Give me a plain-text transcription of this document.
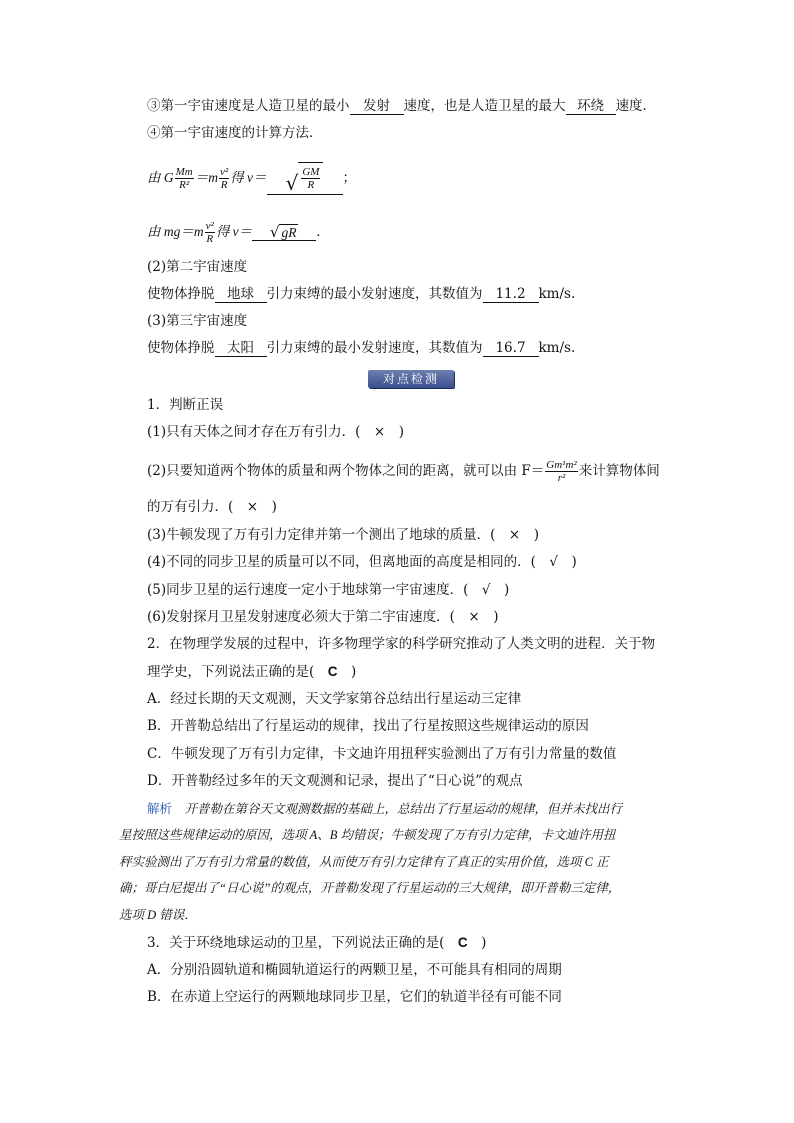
③第一宇宙速度是人造卫星的最小 发射 速度，也是人造卫星的最大 环绕 速度．
④第一宇宙速度的计算方法．
由 G $\frac{Mm}{\text{R²}} =m \frac{\text{v²}}{R}$ 得 v＝ √ $\frac{GM}{R}$ ；
由 $mg=m \frac{\text{v²}}{R}$ 得 v＝ √ gR ．
(2)第二宇宙速度
使物体挣脱 地球 引力束缚的最小发射速度，其数值为 11.2 km/s.
(3)第三宇宙速度
使物体挣脱 太阳 引力束缚的最小发射速度，其数值为 16.7 km/s.
对点检测
1．判断正误
(1)只有天体之间才存在万有引力．(　×　)
(2)只要知道两个物体的质量和两个物体之间的距离，就可以由 $F= \frac{\text{Gm¹m²}}{\text{r²}}$ 来计算物体间
的万有引力．(　×　)
(3)牛顿发现了万有引力定律并第一个测出了地球的质量．(　×　)
(4)不同的同步卫星的质量可以不同，但离地面的高度是相同的．(　√　)
(5)同步卫星的运行速度一定小于地球第一宇宙速度．(　√　)
(6)发射探月卫星发射速度必须大于第二宇宙速度．(　×　)
2．在物理学发展的过程中，许多物理学家的科学研究推动了人类文明的进程．关于物
理学史，下列说法正确的是(　C　)
A．经过长期的天文观测，天文学家第谷总结出行星运动三定律
B．开普勒总结出了行星运动的规律，找出了行星按照这些规律运动的原因
C．牛顿发现了万有引力定律，卡文迪许用扭秤实验测出了万有引力常量的数值
D．开普勒经过多年的天文观测和记录，提出了“日心说”的观点
解析　开普勒在第谷天文观测数据的基础上，总结出了行星运动的规律，但并未找出行
星按照这些规律运动的原因，选项 A、B 均错误；牛顿发现了万有引力定律，卡文迪许用扭
秤实验测出了万有引力常量的数值，从而使万有引力定律有了真正的实用价值，选项 C 正
确；哥白尼提出了“日心说”的观点，开普勒发现了行星运动的三大规律，即开普勒三定律，
选项 D 错误．
3．关于环绕地球运动的卫星，下列说法正确的是(　C　)
A．分别沿圆轨道和椭圆轨道运行的两颗卫星，不可能具有相同的周期
B．在赤道上空运行的两颗地球同步卫星，它们的轨道半径有可能不同
